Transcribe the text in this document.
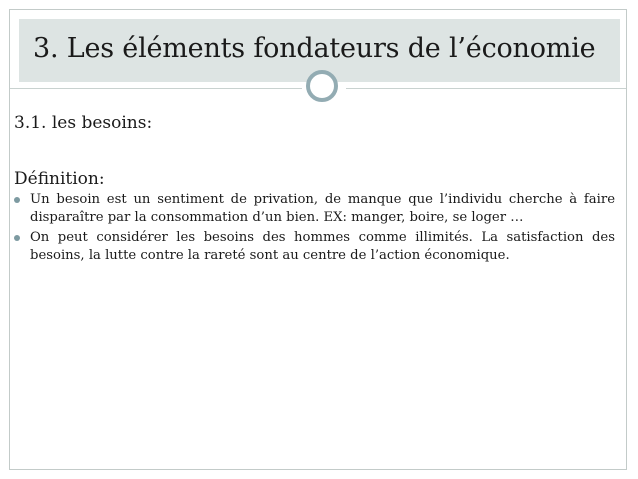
3. Les éléments fondateurs de l’économie

3.1. les besoins:

Définition:

Un besoin est un sentiment de privation, de manque que l’individu cherche à faire disparaître par la consommation d’un bien. EX: manger, boire, se loger …
On peut considérer les besoins des hommes comme illimités. La satisfaction des besoins, la lutte contre la rareté sont au centre de l’action économique.
